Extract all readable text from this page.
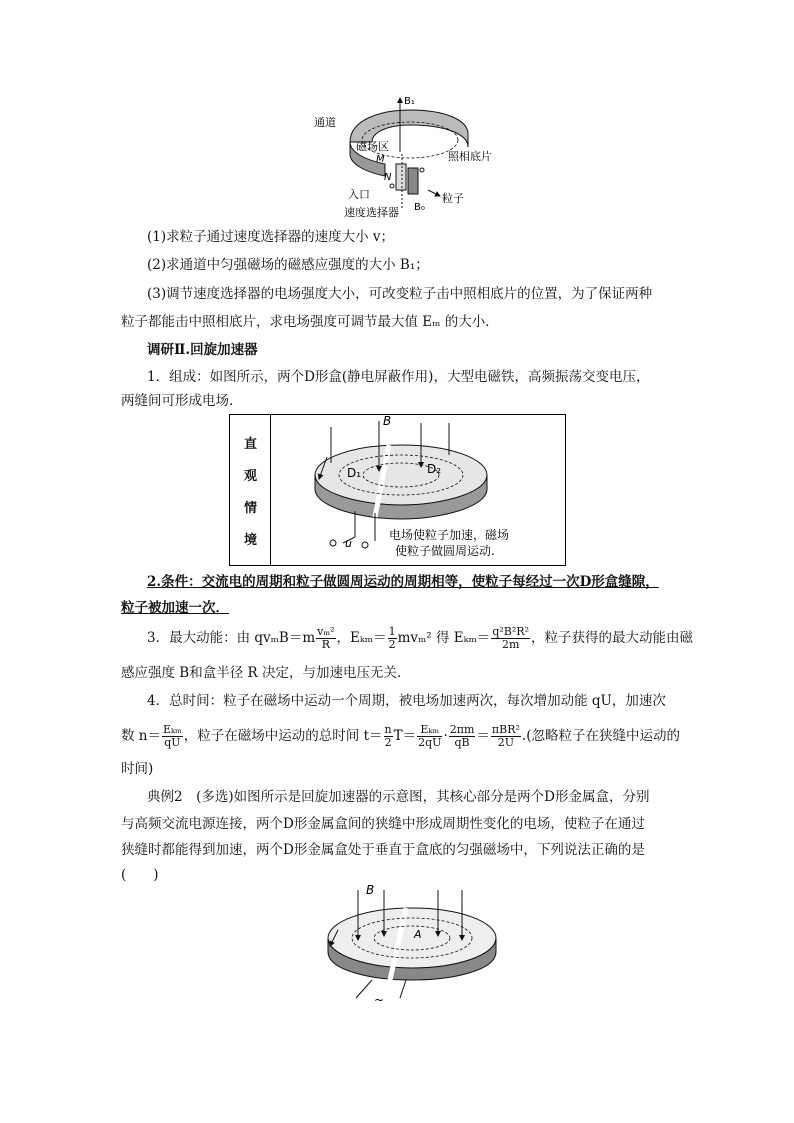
B₁
通道
磁场区
M
N
照相底片
入口	粒子
速度选择器 B₀
(1)求粒子通过速度选择器的速度大小 v；
(2)求通道中匀强磁场的磁感应强度的大小 B₁；
(3)调节速度选择器的电场强度大小，可改变粒子击中照相底片的位置，为了保证两种
粒子都能击中照相底片，求电场强度可调节最大值 Eₘ 的大小．
调研Ⅱ.回旋加速器
1．组成：如图所示，两个D形盒(静电屏蔽作用)，大型电磁铁，高频振荡交变电压，
两缝间可形成电场.
直
观
情
境
B
D₁	D₂
u
电场使粒子加速，磁场
使粒子做圆周运动.
2.条件：交流电的周期和粒子做圆周运动的周期相等，使粒子每经过一次D形盒缝隙，
粒子被加速一次．
3．最大动能：由 $qv_mB=m \frac{\text{vₘ²}}{R}$ ，$E_{km}= \frac{1}{2} mv_m^2$ 得 $E_{km}= \frac{\text{q²B²R²}}{2m}$ ，粒子获得的最大动能由磁
感应强度 B和盒半径 R 决定，与加速电压无关．
4．总时间：粒子在磁场中运动一个周期，被电场加速两次，每次增加动能 qU，加速次
数 $n= \frac{\text{Eₖₘ}}{qU}$ ，粒子在磁场中运动的总时间 $t= \frac{n}{2} T= \frac{\text{Eₖₘ}}{2qU} \cdot \frac{2\pi m}{qB} = \frac{\text{πBR²}}{2U}$ .(忽略粒子在狭缝中运动的
时间)
典例2　(多选)如图所示是回旋加速器的示意图，其核心部分是两个D形金属盒，分别
与高频交流电源连接，两个D形金属盒间的狭缝中形成周期性变化的电场，使粒子在通过
狭缝时都能得到加速，两个D形金属盒处于垂直于盒底的匀强磁场中，下列说法正确的是
(　　)
B
A
~
